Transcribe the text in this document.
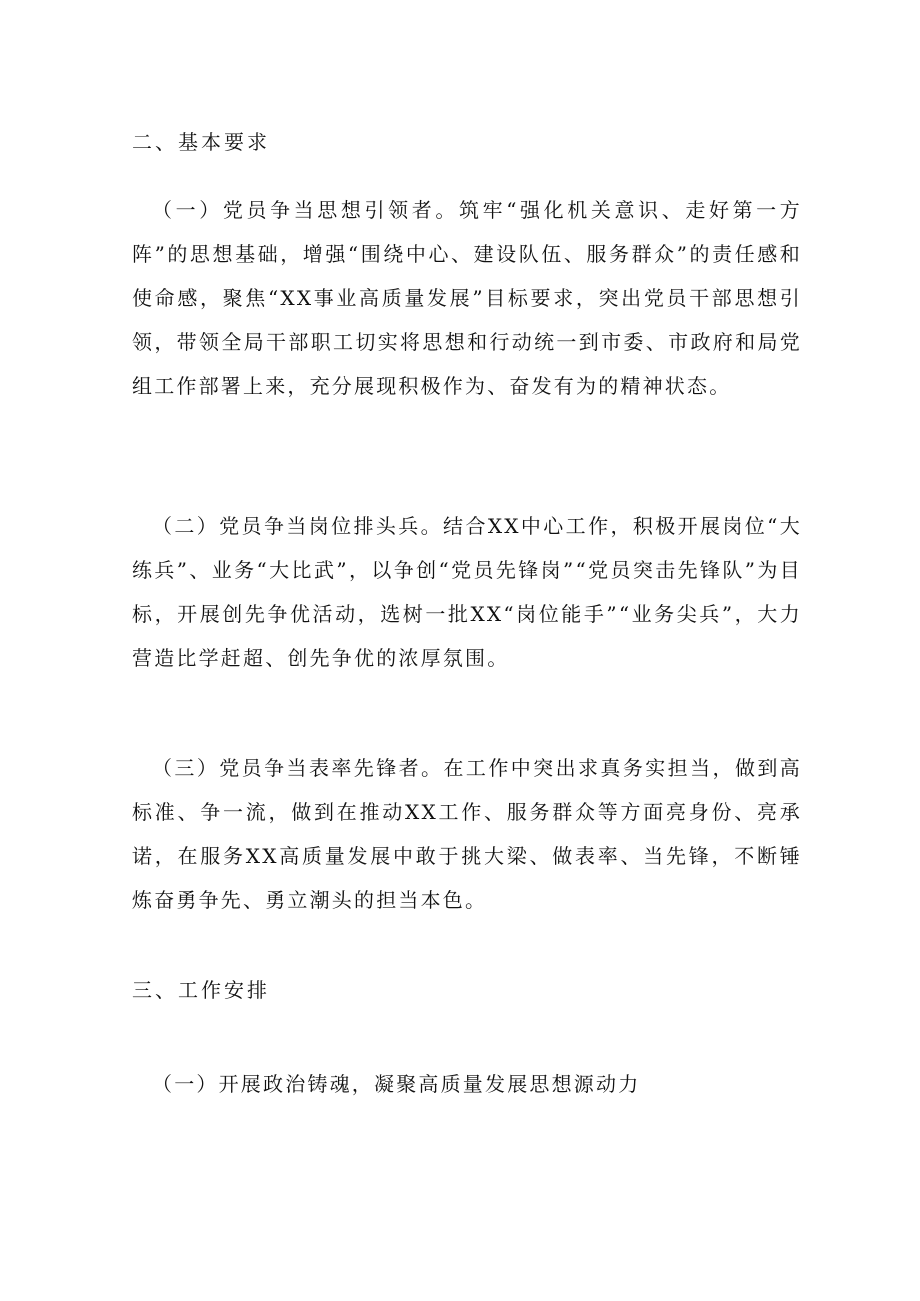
二、基本要求

（一）党员争当思想引领者。筑牢“强化机关意识、走好第一方阵”的思想基础，增强“围绕中心、建设队伍、服务群众”的责任感和使命感，聚焦“XX事业高质量发展”目标要求，突出党员干部思想引领，带领全局干部职工切实将思想和行动统一到市委、市政府和局党组工作部署上来，充分展现积极作为、奋发有为的精神状态。

（二）党员争当岗位排头兵。结合XX中心工作，积极开展岗位“大练兵”、业务“大比武”，以争创“党员先锋岗”“党员突击先锋队”为目标，开展创先争优活动，选树一批XX“岗位能手”“业务尖兵”，大力营造比学赶超、创先争优的浓厚氛围。

（三）党员争当表率先锋者。在工作中突出求真务实担当，做到高标准、争一流，做到在推动XX工作、服务群众等方面亮身份、亮承诺，在服务XX高质量发展中敢于挑大梁、做表率、当先锋，不断锤炼奋勇争先、勇立潮头的担当本色。

三、工作安排
（一）开展政治铸魂，凝聚高质量发展思想源动力
